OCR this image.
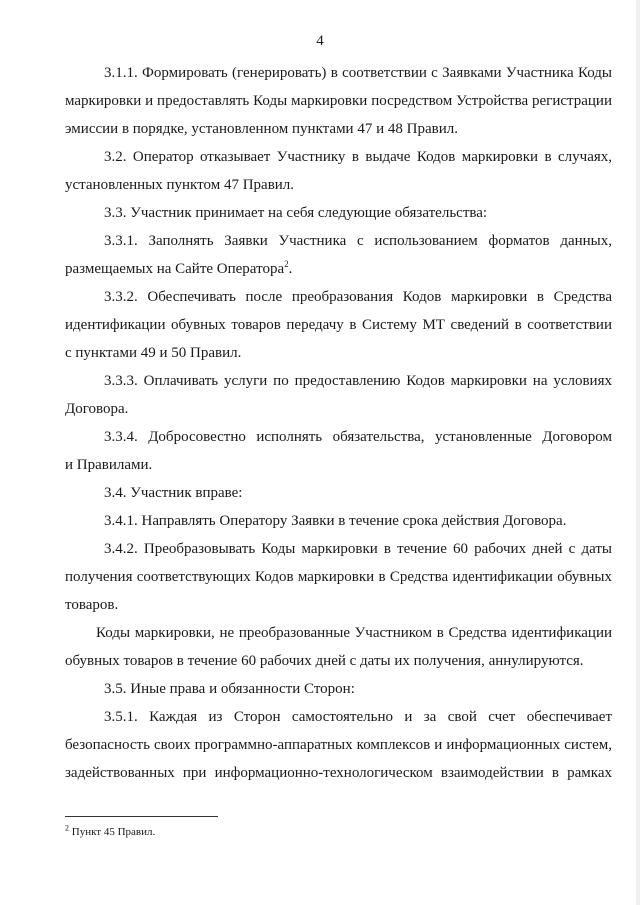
4
3.1.1. Формировать (генерировать) в соответствии с Заявками Участника Коды
маркировки и предоставлять Коды маркировки посредством Устройства регистрации
эмиссии в порядке, установленном пунктами 47 и 48 Правил.
3.2. Оператор отказывает Участнику в выдаче Кодов маркировки в случаях,
установленных пунктом 47 Правил.
3.3. Участник принимает на себя следующие обязательства:
3.3.1. Заполнять Заявки Участника с использованием форматов данных,
размещаемых на Сайте Оператора$^2$.
3.3.2. Обеспечивать после преобразования Кодов маркировки в Средства
идентификации обувных товаров передачу в Систему МТ сведений в соответствии
с пунктами 49 и 50 Правил.
3.3.3. Оплачивать услуги по предоставлению Кодов маркировки на условиях
Договора.
3.3.4. Добросовестно исполнять обязательства, установленные Договором
и Правилами.
3.4. Участник вправе:
3.4.1. Направлять Оператору Заявки в течение срока действия Договора.
3.4.2. Преобразовывать Коды маркировки в течение 60 рабочих дней с даты
получения соответствующих Кодов маркировки в Средства идентификации обувных
товаров.
Коды маркировки, не преобразованные Участником в Средства идентификации
обувных товаров в течение 60 рабочих дней с даты их получения, аннулируются.
3.5. Иные права и обязанности Сторон:
3.5.1. Каждая из Сторон самостоятельно и за свой счет обеспечивает
безопасность своих программно-аппаратных комплексов и информационных систем,
задействованных при информационно-технологическом взаимодействии в рамках
$^2$ Пункт 45 Правил.
